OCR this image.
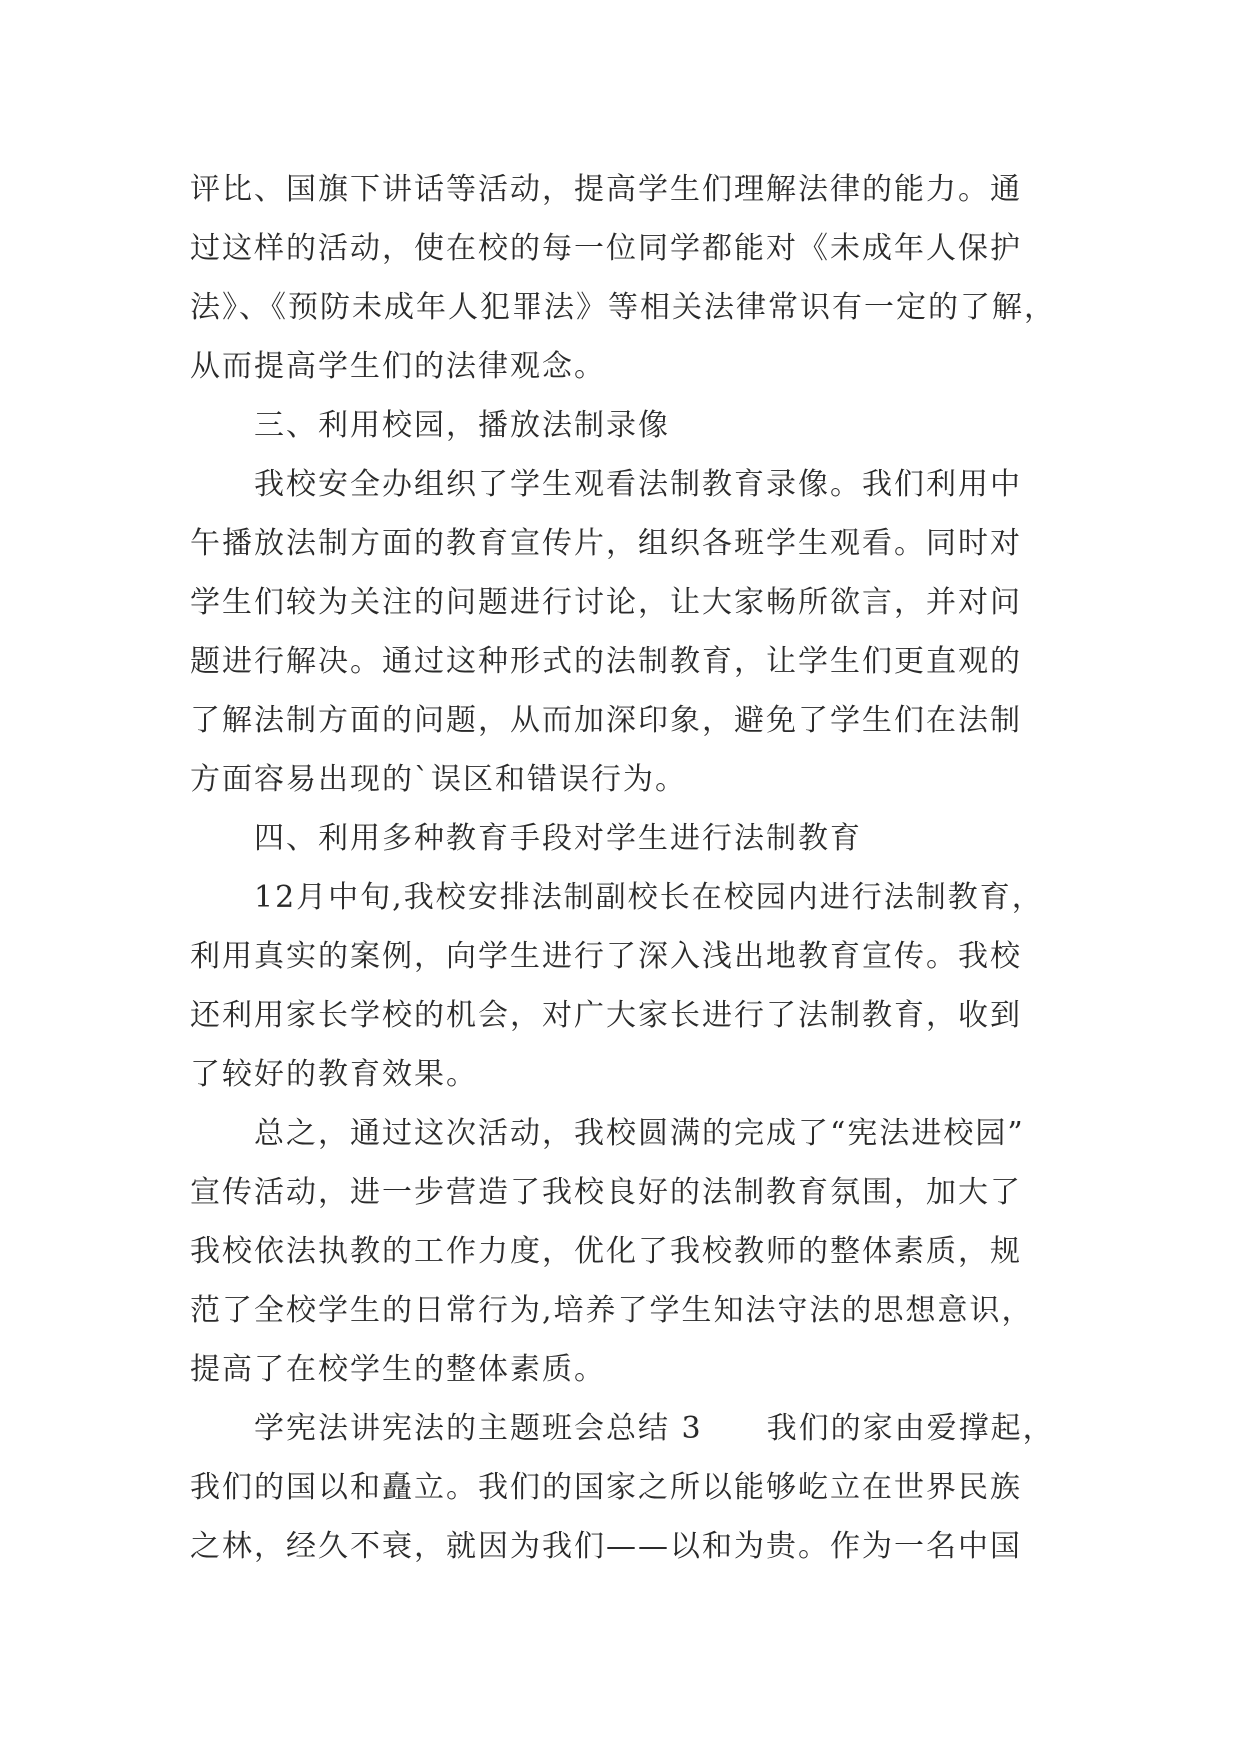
评比、国旗下讲话等活动，提高学生们理解法律的能力。通
过这样的活动，使在校的每一位同学都能对《未成年人保护
法》、《预防未成年人犯罪法》等相关法律常识有一定的了解，
从而提高学生们的法律观念。
三、利用校园，播放法制录像
我校安全办组织了学生观看法制教育录像。我们利用中
午播放法制方面的教育宣传片，组织各班学生观看。同时对
学生们较为关注的问题进行讨论，让大家畅所欲言，并对问
题进行解决。通过这种形式的法制教育，让学生们更直观的
了解法制方面的问题，从而加深印象，避免了学生们在法制
方面容易出现的`误区和错误行为。
四、利用多种教育手段对学生进行法制教育
12月中旬,我校安排法制副校长在校园内进行法制教育，
利用真实的案例，向学生进行了深入浅出地教育宣传。我校
还利用家长学校的机会，对广大家长进行了法制教育，收到
了较好的教育效果。
总之，通过这次活动，我校圆满的完成了“宪法进校园”
宣传活动，进一步营造了我校良好的法制教育氛围，加大了
我校依法执教的工作力度，优化了我校教师的整体素质，规
范了全校学生的日常行为,培养了学生知法守法的思想意识，
提高了在校学生的整体素质。
学宪法讲宪法的主题班会总结 3　　我们的家由爱撑起，
我们的国以和矗立。我们的国家之所以能够屹立在世界民族
之林，经久不衰，就因为我们——以和为贵。作为一名中国
